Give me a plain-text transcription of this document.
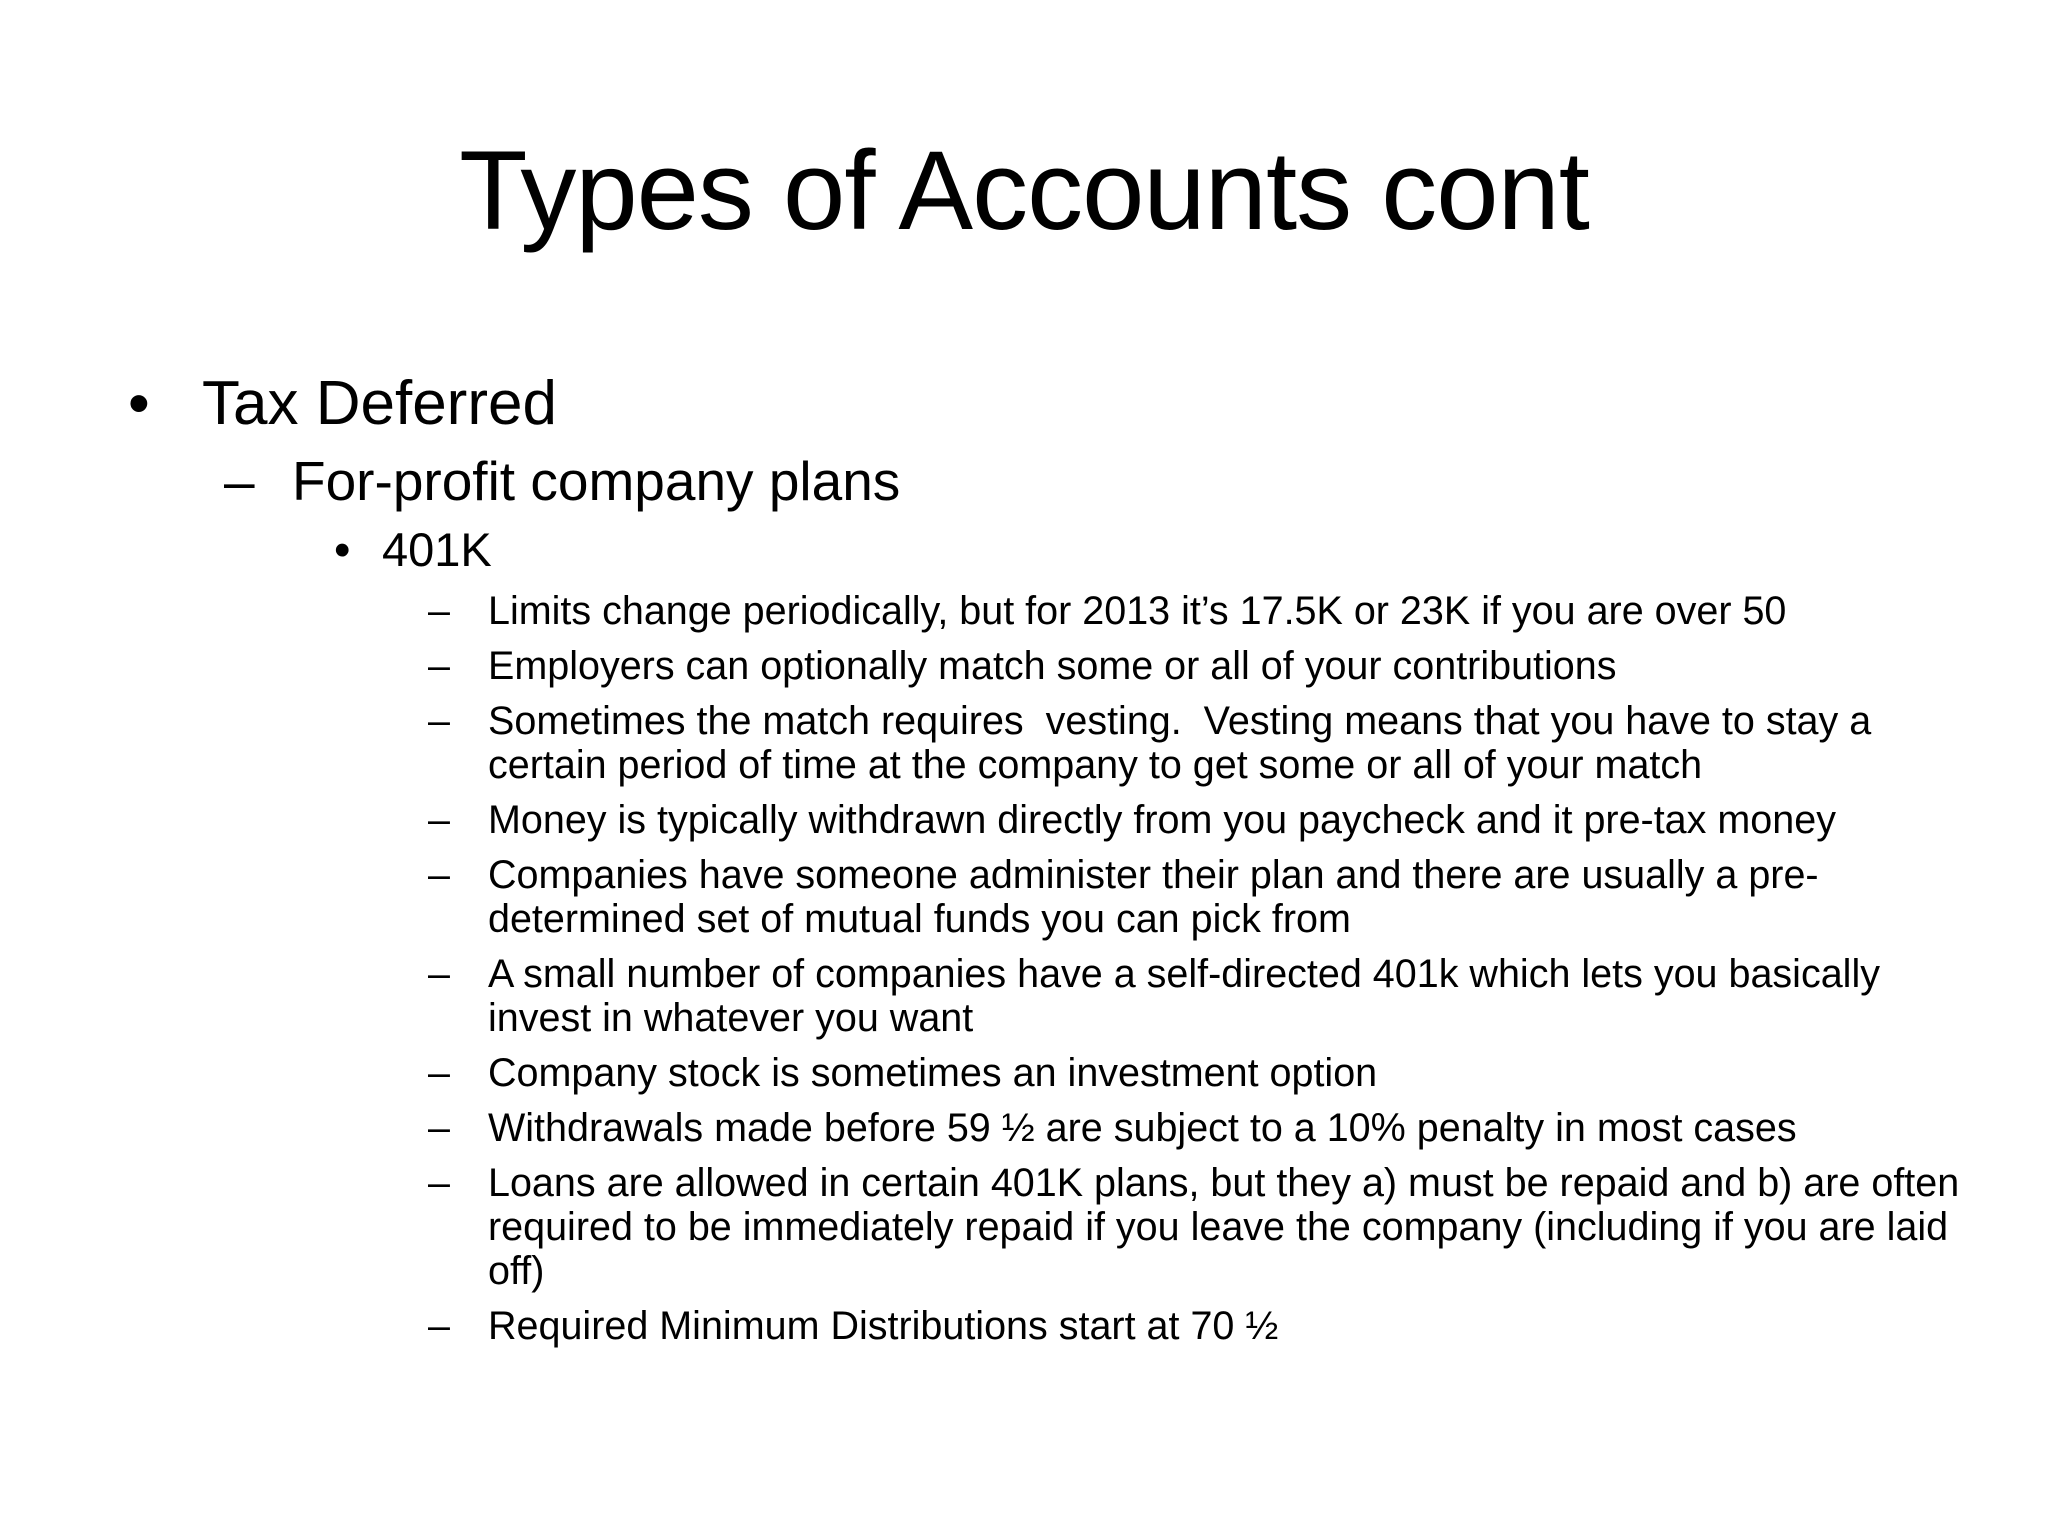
Types of Accounts cont
• Tax Deferred
– For-profit company plans
• 401K
– Limits change periodically, but for 2013 it’s 17.5K or 23K if you are over 50
– Employers can optionally match some or all of your contributions
– Sometimes the match requires  vesting.  Vesting means that you have to stay a certain period of time at the company to get some or all of your match
– Money is typically withdrawn directly from you paycheck and it pre-tax money
– Companies have someone administer their plan and there are usually a pre-determined set of mutual funds you can pick from
– A small number of companies have a self-directed 401k which lets you basically invest in whatever you want
– Company stock is sometimes an investment option
– Withdrawals made before 59 ½ are subject to a 10% penalty in most cases
– Loans are allowed in certain 401K plans, but they a) must be repaid and b) are often required to be immediately repaid if you leave the company (including if you are laid off)
– Required Minimum Distributions start at 70 ½
